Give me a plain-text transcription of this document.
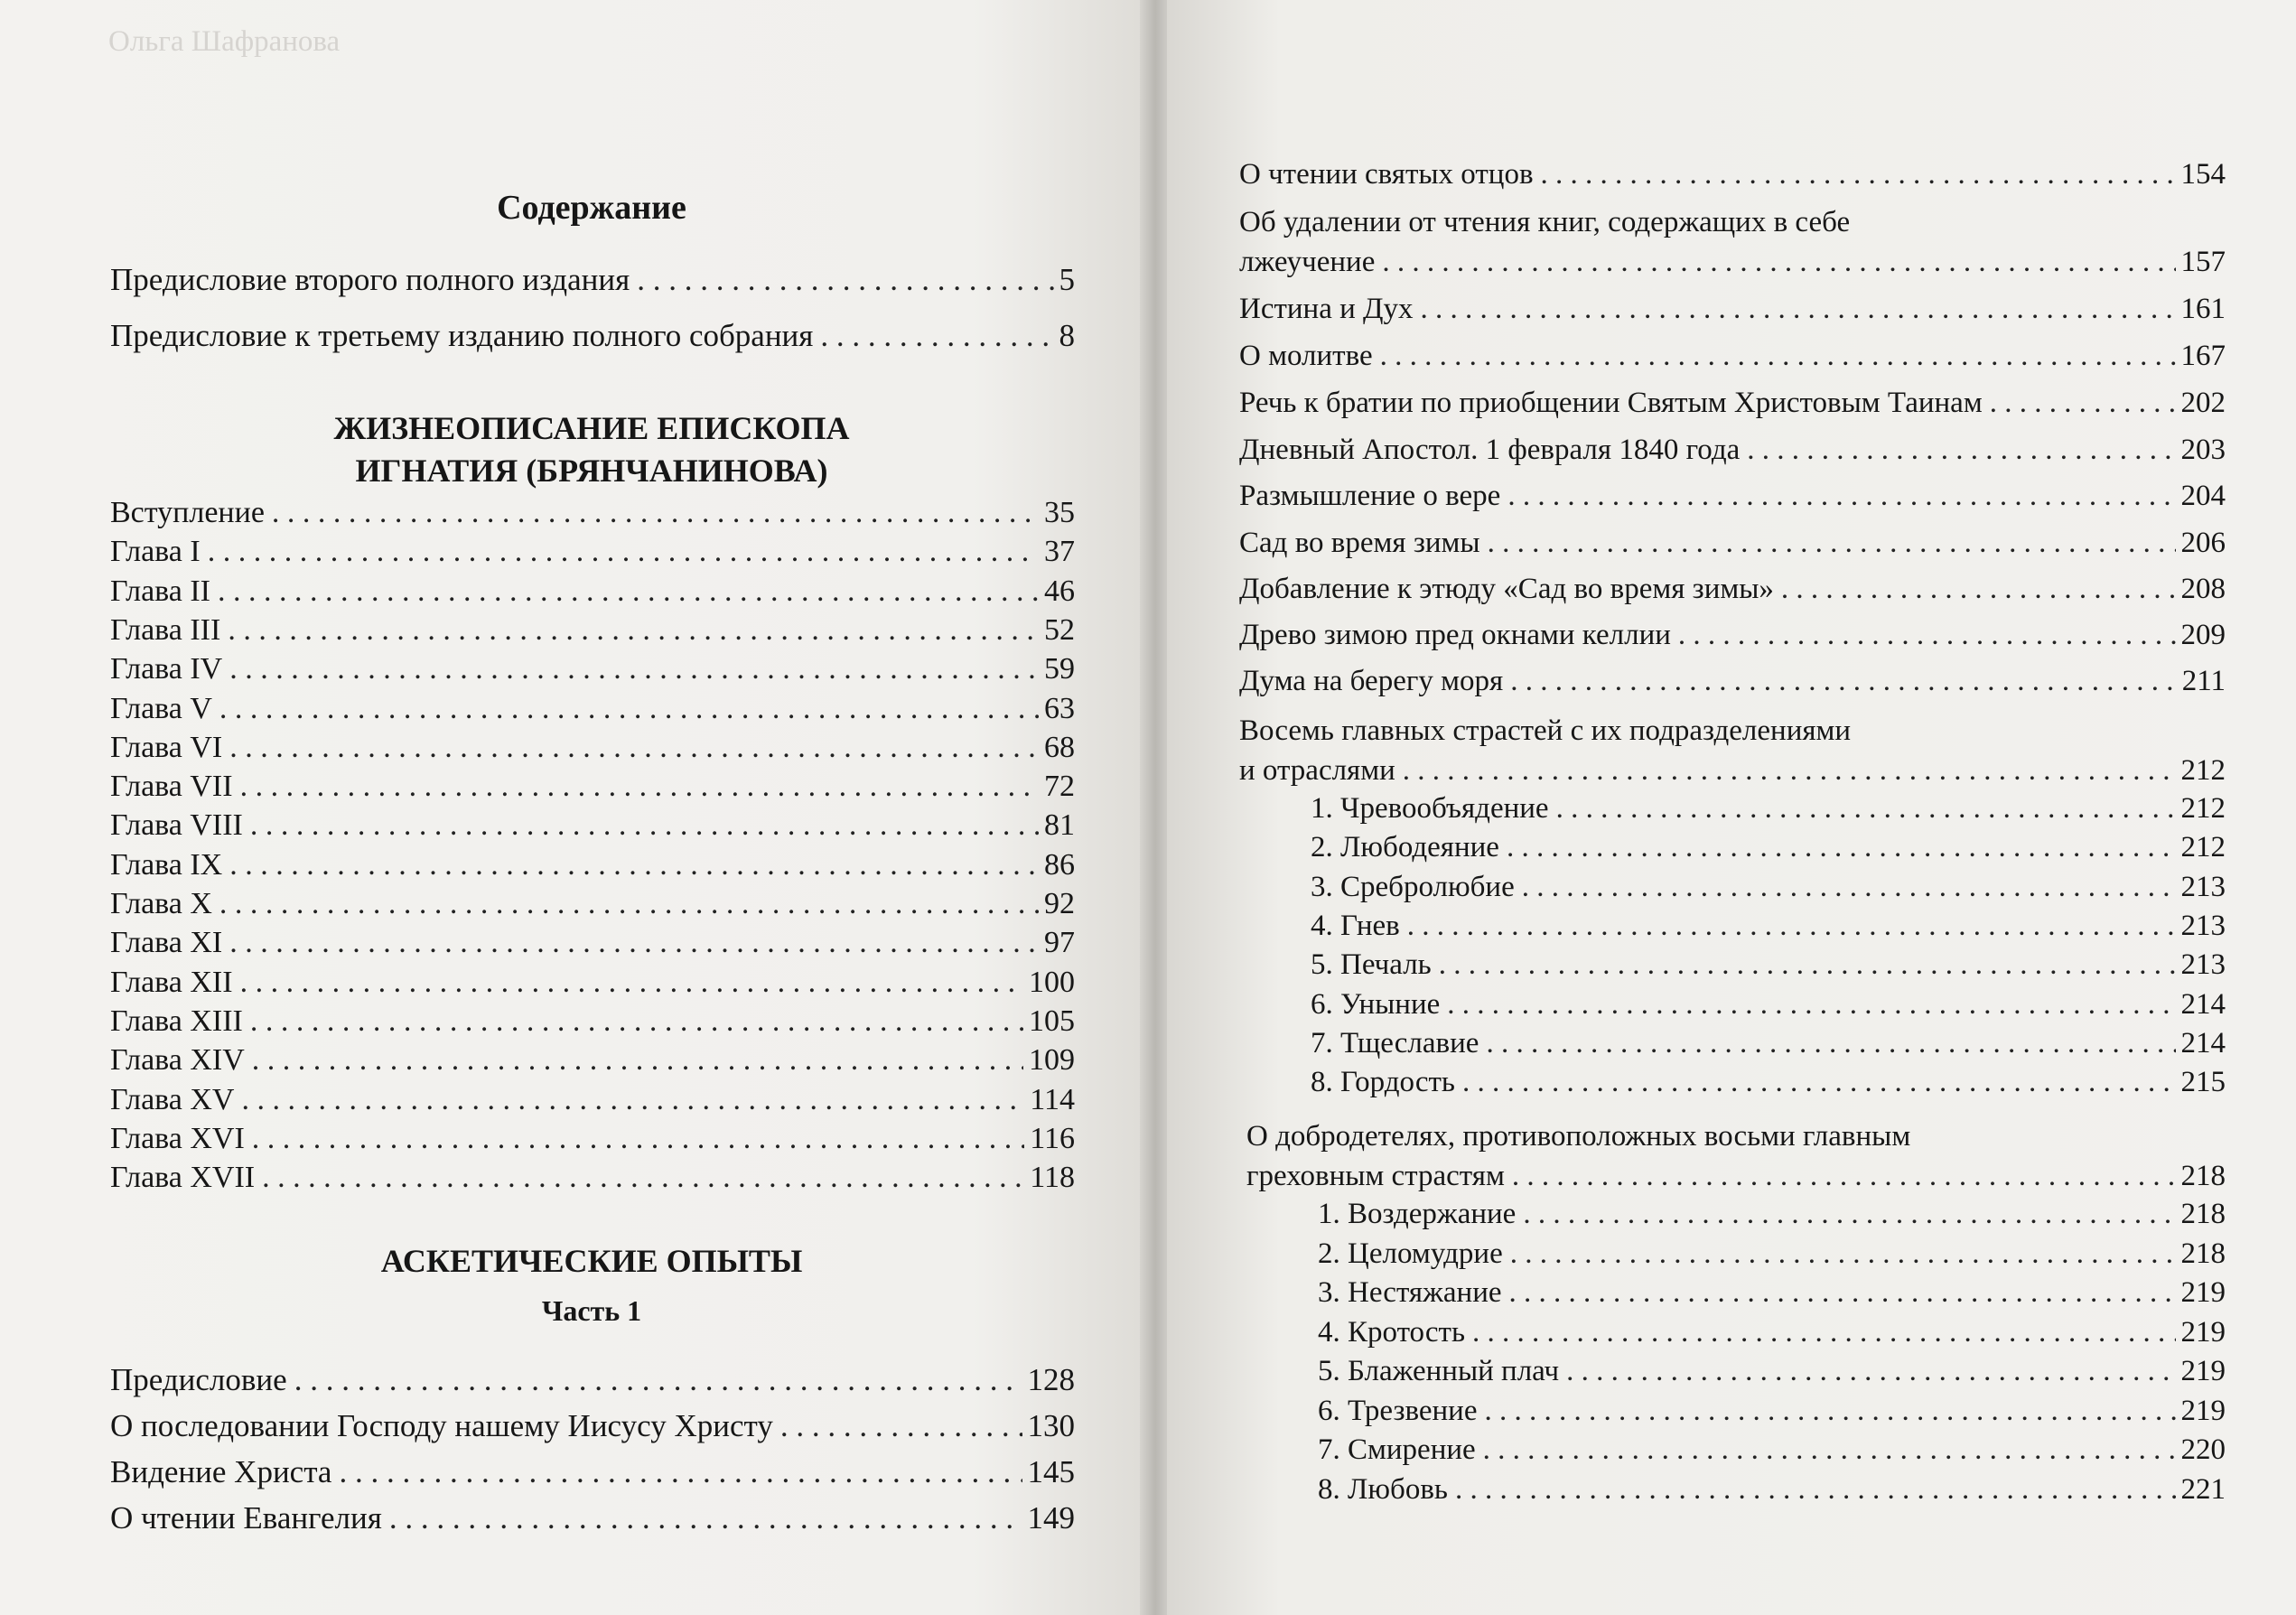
Ольга Шафранова
Содержание
Предисловие второго полного издания . . .	5
Предисловие к третьему изданию полного собрания . . .	8
Вступление . . .	35
Глава I . . .	37
Глава II . . .	46
Глава III . . .	52
Глава IV . . .	59
Глава V . . .	63
Глава VI . . .	68
Глава VII . . .	72
Глава VIII . . .	81
Глава IX . . .	86
Глава X . . .	92
Глава XI . . .	97
Глава XII . . .	100
Глава XIII . . .	105
Глава XIV . . .	109
Глава XV . . .	114
Глава XVI . . .	116
Глава XVII . . .	118
Предисловие . . .	128
О последовании Господу нашему Иисусу Христу . . .	130
Видение Христа . . .	145
О чтении Евангелия . . .	149
ЖИЗНЕОПИСАНИЕ ЕПИСКОПА
ИГНАТИЯ (БРЯНЧАНИНОВА)
АСКЕТИЧЕСКИЕ ОПЫТЫ
Часть 1
О чтении святых отцов . . .	154
Об удалении от чтения книг, содержащих в себе
лжеучение . . .	157
Истина и Дух . . .	161
О молитве . . .	167
Речь к братии по приобщении Святым Христовым Таинам . . .	202
Дневный Апостол. 1 февраля 1840 года . . .	203
Размышление о вере . . .	204
Сад во время зимы . . .	206
Добавление к этюду «Сад во время зимы» . . .	208
Древо зимою пред окнами келлии . . .	209
Дума на берегу моря . . .	211
Восемь главных страстей с их подразделениями
и отраслями . . .	212
1. Чревообъядение . . .	212
2. Любодеяние . . .	212
3. Сребролюбие . . .	213
4. Гнев . . .	213
5. Печаль . . .	213
6. Уныние . . .	214
7. Тщеславие . . .	214
8. Гордость . . .	215
О добродетелях, противоположных восьми главным
греховным страстям . . .	218
1. Воздержание . . .	218
2. Целомудрие . . .	218
3. Нестяжание . . .	219
4. Кротость . . .	219
5. Блаженный плач . . .	219
6. Трезвение . . .	219
7. Смирение . . .	220
8. Любовь . . .	221
